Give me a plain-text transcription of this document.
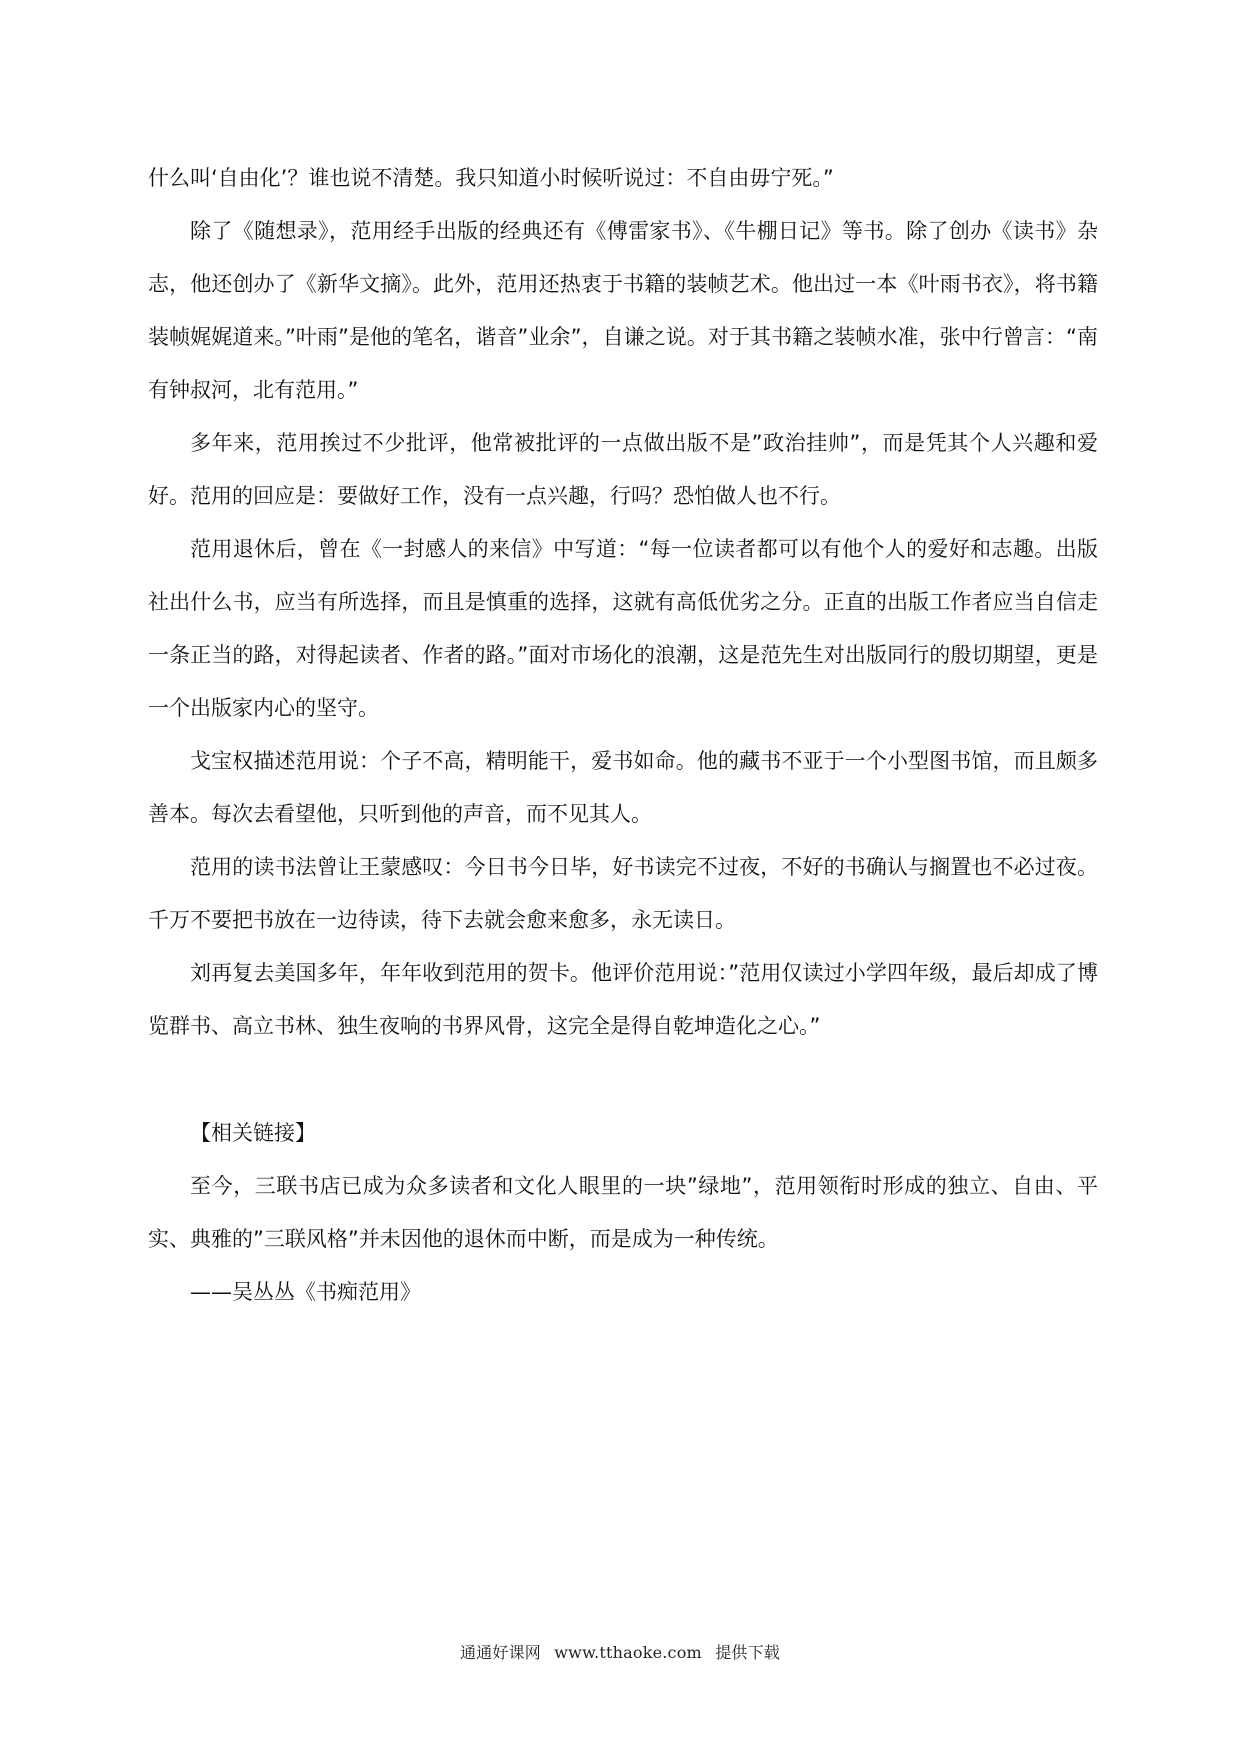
什么叫‘自由化’？谁也说不清楚。我只知道小时候听说过：不自由毋宁死。”

除了《随想录》，范用经手出版的经典还有《傅雷家书》、《牛棚日记》等书。除了创办《读书》杂志，他还创办了《新华文摘》。此外，范用还热衷于书籍的装帧艺术。他出过一本《叶雨书衣》，将书籍装帧娓娓道来。”叶雨”是他的笔名，谐音”业余”，自谦之说。对于其书籍之装帧水准，张中行曾言：“南有钟叔河，北有范用。”

多年来，范用挨过不少批评，他常被批评的一点做出版不是”政治挂帅”，而是凭其个人兴趣和爱好。范用的回应是：要做好工作，没有一点兴趣，行吗？恐怕做人也不行。

范用退休后，曾在《一封感人的来信》中写道：“每一位读者都可以有他个人的爱好和志趣。出版社出什么书，应当有所选择，而且是慎重的选择，这就有高低优劣之分。正直的出版工作者应当自信走一条正当的路，对得起读者、作者的路。”面对市场化的浪潮，这是范先生对出版同行的殷切期望，更是一个出版家内心的坚守。

戈宝权描述范用说：个子不高，精明能干，爱书如命。他的藏书不亚于一个小型图书馆，而且颇多善本。每次去看望他，只听到他的声音，而不见其人。

范用的读书法曾让王蒙感叹：今日书今日毕，好书读完不过夜，不好的书确认与搁置也不必过夜。千万不要把书放在一边待读，待下去就会愈来愈多，永无读日。

刘再复去美国多年，年年收到范用的贺卡。他评价范用说：”范用仅读过小学四年级，最后却成了博览群书、高立书林、独生夜响的书界风骨，这完全是得自乾坤造化之心。”

【相关链接】

至今，三联书店已成为众多读者和文化人眼里的一块”绿地”，范用领衔时形成的独立、自由、平实、典雅的”三联风格”并未因他的退休而中断，而是成为一种传统。

——吴丛丛《书痴范用》

通通好课网 www.tthaoke.com 提供下载
